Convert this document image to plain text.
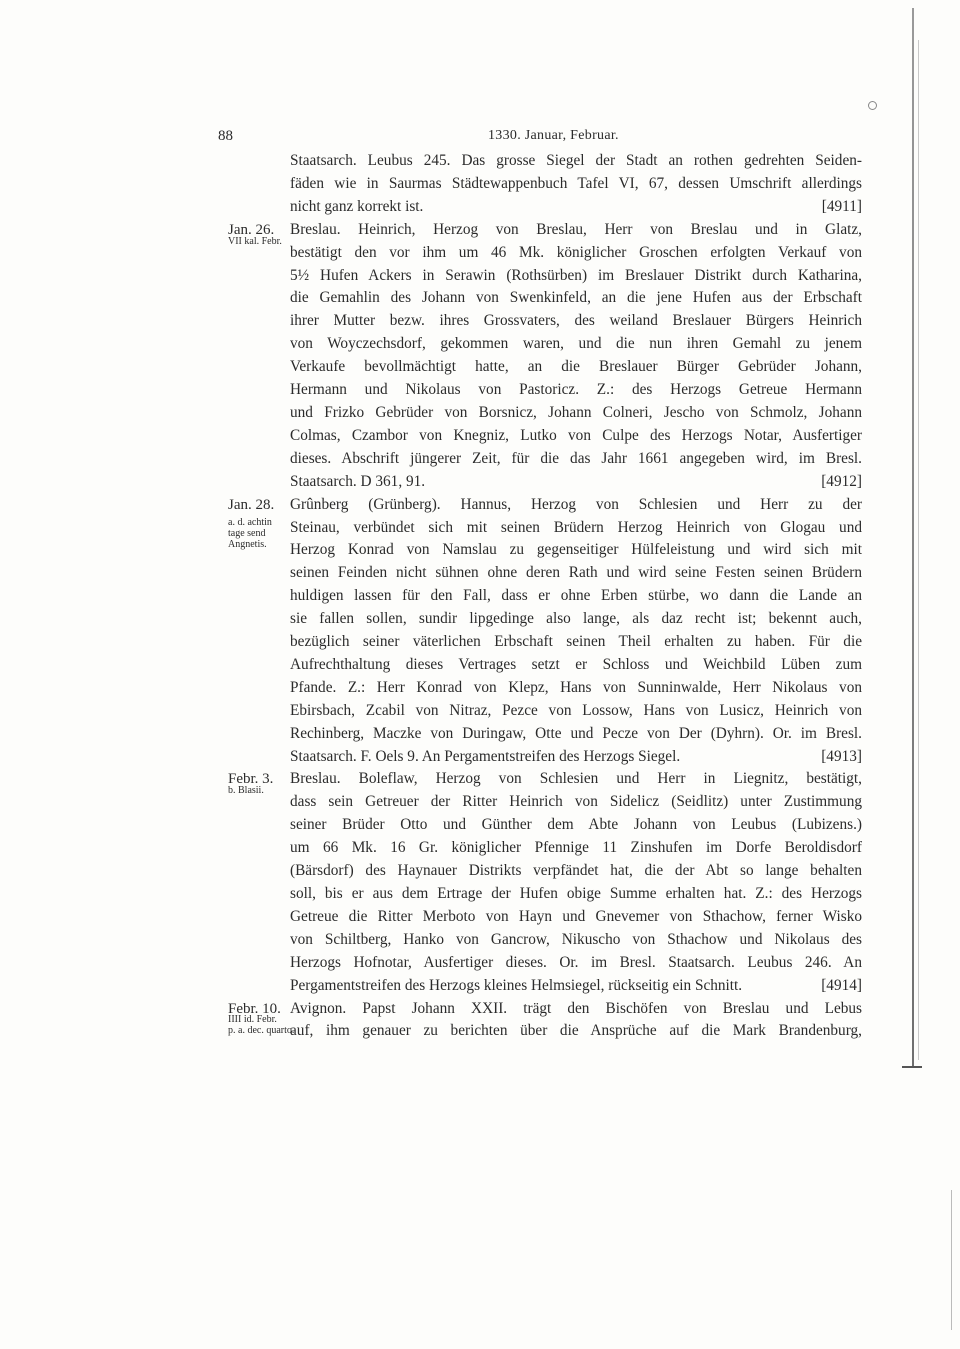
88	1330. Januar, Februar.
Staatsarch. Leubus 245. Das grosse Siegel der Stadt an rothen gedrehten Seiden-
fäden wie in Saurmas Städtewappenbuch Tafel VI, 67, dessen Umschrift allerdings
nicht ganz korrekt ist.	[4911]
Jan. 26.
VII kal. Febr.
Breslau. Heinrich, Herzog von Breslau, Herr von Breslau und in Glatz,
bestätigt den vor ihm um 46 Mk. königlicher Groschen erfolgten Verkauf von
5½ Hufen Ackers in Serawin (Rothsürben) im Breslauer Distrikt durch Katharina,
die Gemahlin des Johann von Swenkinfeld, an die jene Hufen aus der Erbschaft
ihrer Mutter bezw. ihres Grossvaters, des weiland Breslauer Bürgers Heinrich
von Woyczechsdorf, gekommen waren, und die nun ihren Gemahl zu jenem
Verkaufe bevollmächtigt hatte, an die Breslauer Bürger Gebrüder Johann,
Hermann und Nikolaus von Pastoricz. Z.: des Herzogs Getreue Hermann
und Frizko Gebrüder von Borsnicz, Johann Colneri, Jescho von Schmolz, Johann
Colmas, Czambor von Knegniz, Lutko von Culpe des Herzogs Notar, Ausfertiger
dieses. Abschrift jüngerer Zeit, für die das Jahr 1661 angegeben wird, im Bresl.
Staatsarch. D 361, 91.	[4912]
Jan. 28.
a. d. achtin
tage send
Angnetis.
Grûnberg (Grünberg). Hannus, Herzog von Schlesien und Herr zu der
Steinau, verbündet sich mit seinen Brüdern Herzog Heinrich von Glogau und
Herzog Konrad von Namslau zu gegenseitiger Hülfeleistung und wird sich mit
seinen Feinden nicht sühnen ohne deren Rath und wird seine Festen seinen Brüdern
huldigen lassen für den Fall, dass er ohne Erben stürbe, wo dann die Lande an
sie fallen sollen, sundir lipgedinge also lange, als daz recht ist; bekennt auch,
bezüglich seiner väterlichen Erbschaft seinen Theil erhalten zu haben. Für die
Aufrechthaltung dieses Vertrages setzt er Schloss und Weichbild Lüben zum
Pfande. Z.: Herr Konrad von Klepz, Hans von Sunninwalde, Herr Nikolaus von
Ebirsbach, Zcabil von Nitraz, Pezce von Lossow, Hans von Lusicz, Heinrich von
Rechinberg, Maczke von Duringaw, Otte und Pecze von Der (Dyhrn). Or. im Bresl.
Staatsarch. F. Oels 9. An Pergamentstreifen des Herzogs Siegel.	[4913]
Febr. 3.
b. Blasii.
Breslau. Boleflaw, Herzog von Schlesien und Herr in Liegnitz, bestätigt,
dass sein Getreuer der Ritter Heinrich von Sidelicz (Seidlitz) unter Zustimmung
seiner Brüder Otto und Günther dem Abte Johann von Leubus (Lubizens.)
um 66 Mk. 16 Gr. königlicher Pfennige 11 Zinshufen im Dorfe Beroldisdorf
(Bärsdorf) des Haynauer Distrikts verpfändet hat, die der Abt so lange behalten
soll, bis er aus dem Ertrage der Hufen obige Summe erhalten hat. Z.: des Herzogs
Getreue die Ritter Merboto von Hayn und Gnevemer von Sthachow, ferner Wisko
von Schiltberg, Hanko von Gancrow, Nikuscho von Sthachow und Nikolaus des
Herzogs Hofnotar, Ausfertiger dieses. Or. im Bresl. Staatsarch. Leubus 246. An
Pergamentstreifen des Herzogs kleines Helmsiegel, rückseitig ein Schnitt.	[4914]
Febr. 10.
IIII id. Febr.
p. a. dec. quarto.
Avignon. Papst Johann XXII. trägt den Bischöfen von Breslau und Lebus
auf, ihm genauer zu berichten über die Ansprüche auf die Mark Brandenburg,
